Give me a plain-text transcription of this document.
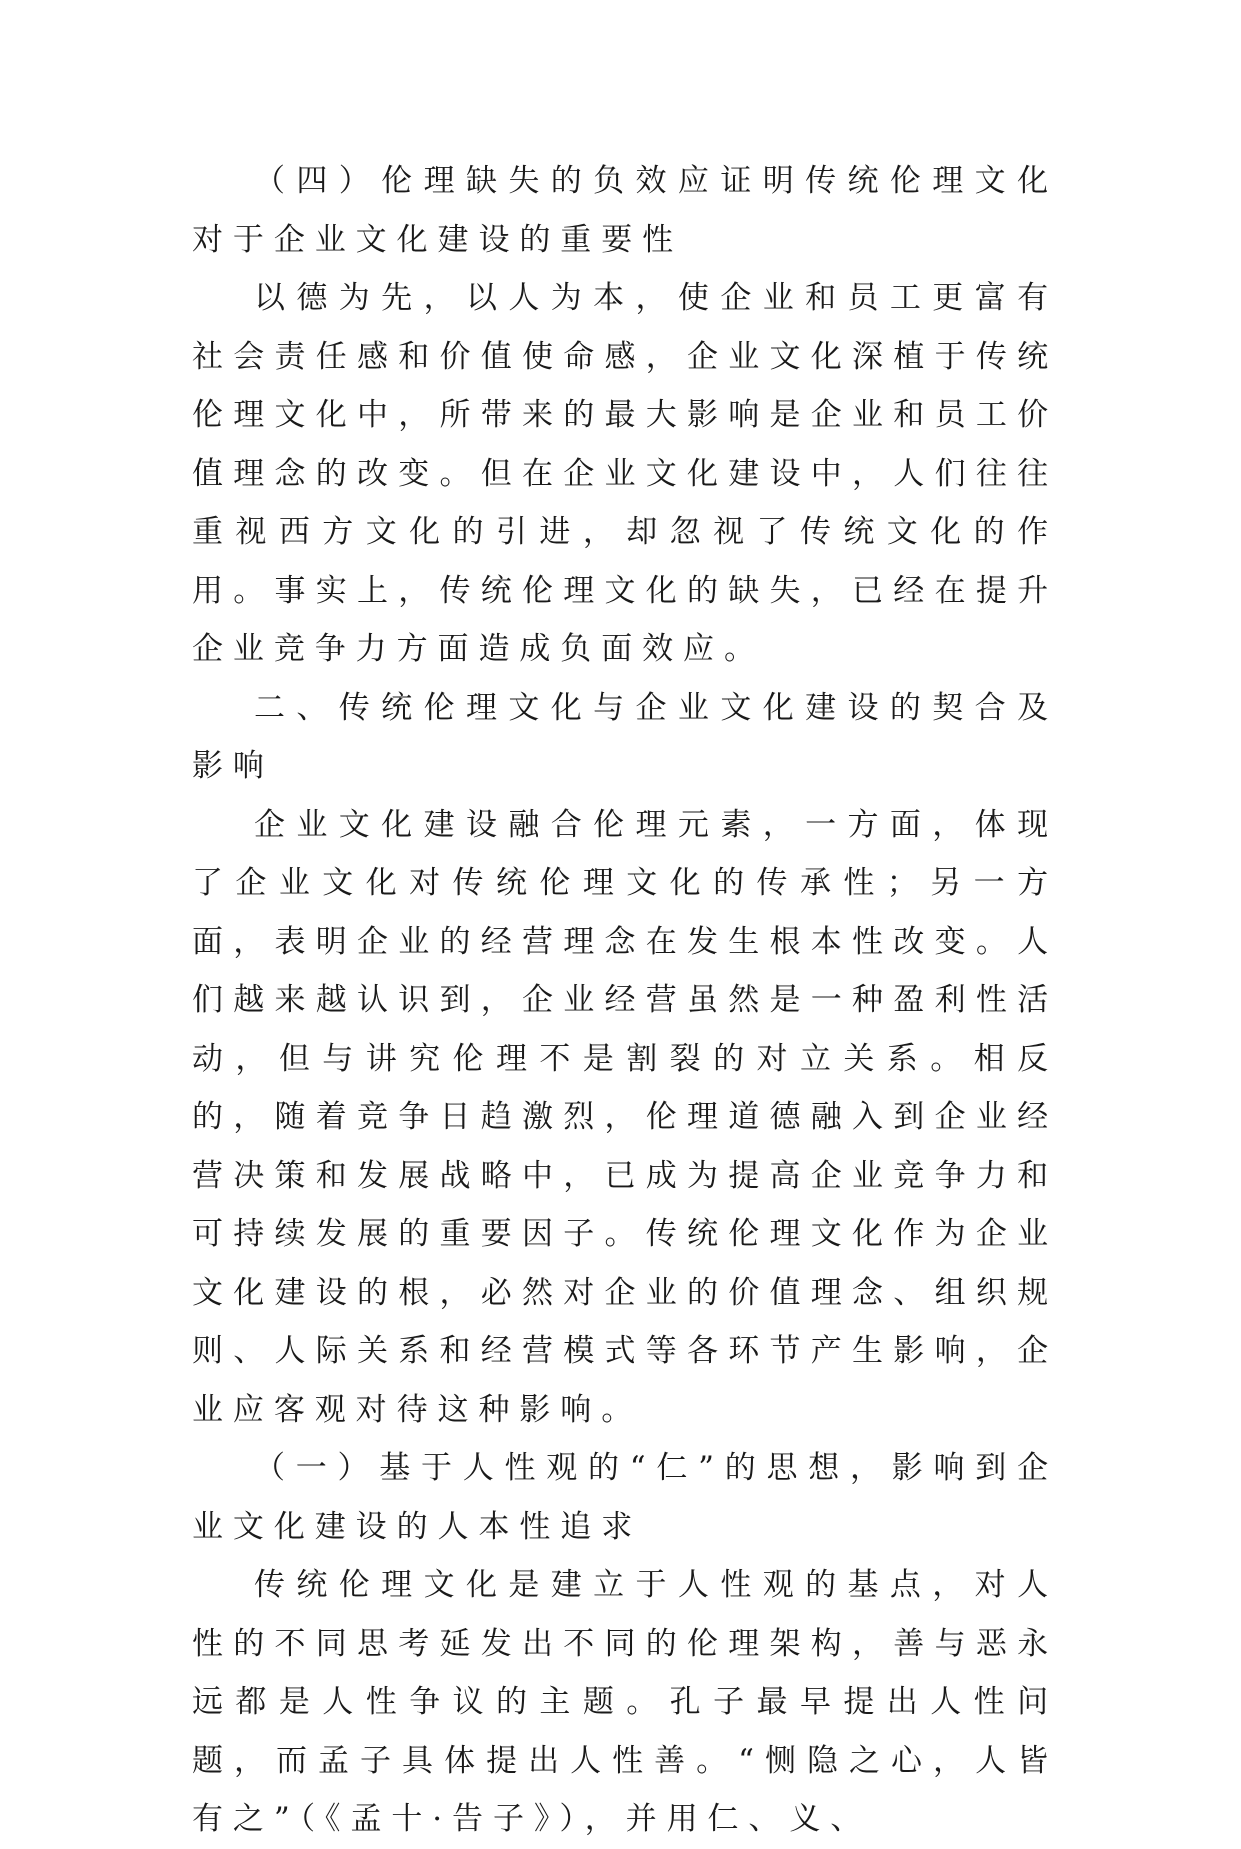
（四）伦理缺失的负效应证明传统伦理文化对于企业文化建设的重要性

以德为先，以人为本，使企业和员工更富有社会责任感和价值使命感，企业文化深植于传统伦理文化中，所带来的最大影响是企业和员工价值理念的改变。但在企业文化建设中，人们往往重视西方文化的引进，却忽视了传统文化的作用。事实上，传统伦理文化的缺失，已经在提升企业竞争力方面造成负面效应。

二、传统伦理文化与企业文化建设的契合及影响

企业文化建设融合伦理元素，一方面，体现了企业文化对传统伦理文化的传承性；另一方面，表明企业的经营理念在发生根本性改变。人们越来越认识到，企业经营虽然是一种盈利性活动，但与讲究伦理不是割裂的对立关系。相反的，随着竞争日趋激烈，伦理道德融入到企业经营决策和发展战略中，已成为提高企业竞争力和可持续发展的重要因子。传统伦理文化作为企业文化建设的根，必然对企业的价值理念、组织规则、人际关系和经营模式等各环节产生影响，企业应客观对待这种影响。

（一）基于人性观的“仁”的思想，影响到企业文化建设的人本性追求

传统伦理文化是建立于人性观的基点，对人性的不同思考延发出不同的伦理架构，善与恶永远都是人性争议的主题。孔子最早提出人性问题，而孟子具体提出人性善。“恻隐之心，人皆有之”（《孟十·告子》），并用仁、义、
